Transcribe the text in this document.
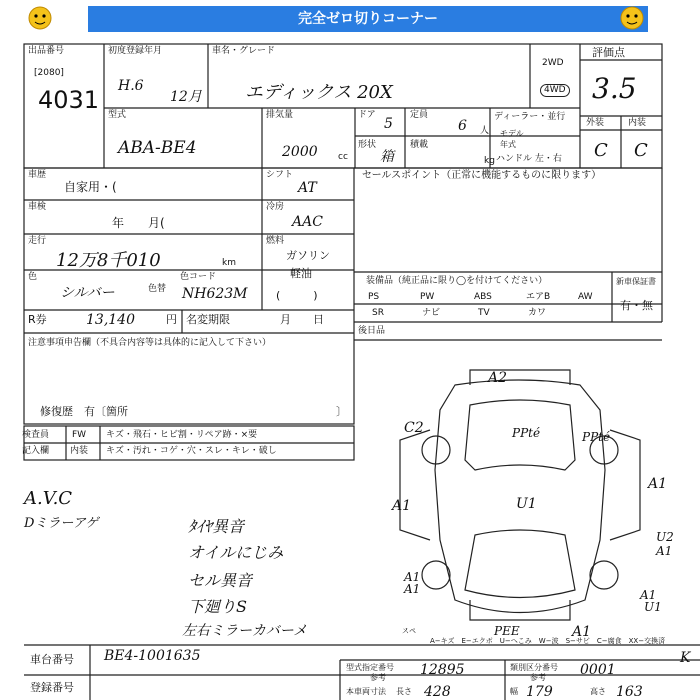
完全ゼロ切りコーナー
出品番号
[2080]
4031
初度登録年月
H.6
12月
車名・グレード
エディックス 20X
2WD
4WD
評価点
3.5
型式
ABA-BE4
排気量
2000 cc
ドア
5
定員
6 人
ディーラー・並行
モデル
年式
形状
箱
積載
kg ハンドル 左・右
外装	内装
C C
車歴
自家用・(
車検
年　　月(
走行
12万8千010	km
色
シルバー	色替
色コード
NH623M
R券	13,140	円 名変期限	月　　日
注意事項申告欄（不具合内容等は具体的に記入して下さい）
修復歴　有〔箇所	〕
シフト
AT
冷房
AAC
燃料
ガソリン
軽油
(　　　)
セールスポイント（正常に機能するものに限ります）
装備品（純正品に限り◯を付けてください）
PS	PW	ABS	エアB	AW
SR	ナビ	TV	カワ
新車保証書
有・無
後日品
検査員
記入欄
FW
内装
キズ・飛石・ヒビ割・リペア跡・×要
キズ・汚れ・コゲ・穴・スレ・キレ・破し
A.V.C
Dミラーアゲ	ﾀｲﾔ異音
オイルにじみ
セル異音
下廻りS
左右ミラーカバーメ
A2
C2	PPté	PPté
A1
A1	U1
U2
A1
A1
A1	A1
U1
PEE	A1
スペ
A−キズ　E−エクボ　U−へこみ　W−波　S−サビ　C−腐食　XX−交換済
車台番号 BE4-1001635
登録番号
型式指定番号
参考 12895	類別区分番号
参考 0001
本車両寸法 長さ 428	幅 179	高さ 163
K
